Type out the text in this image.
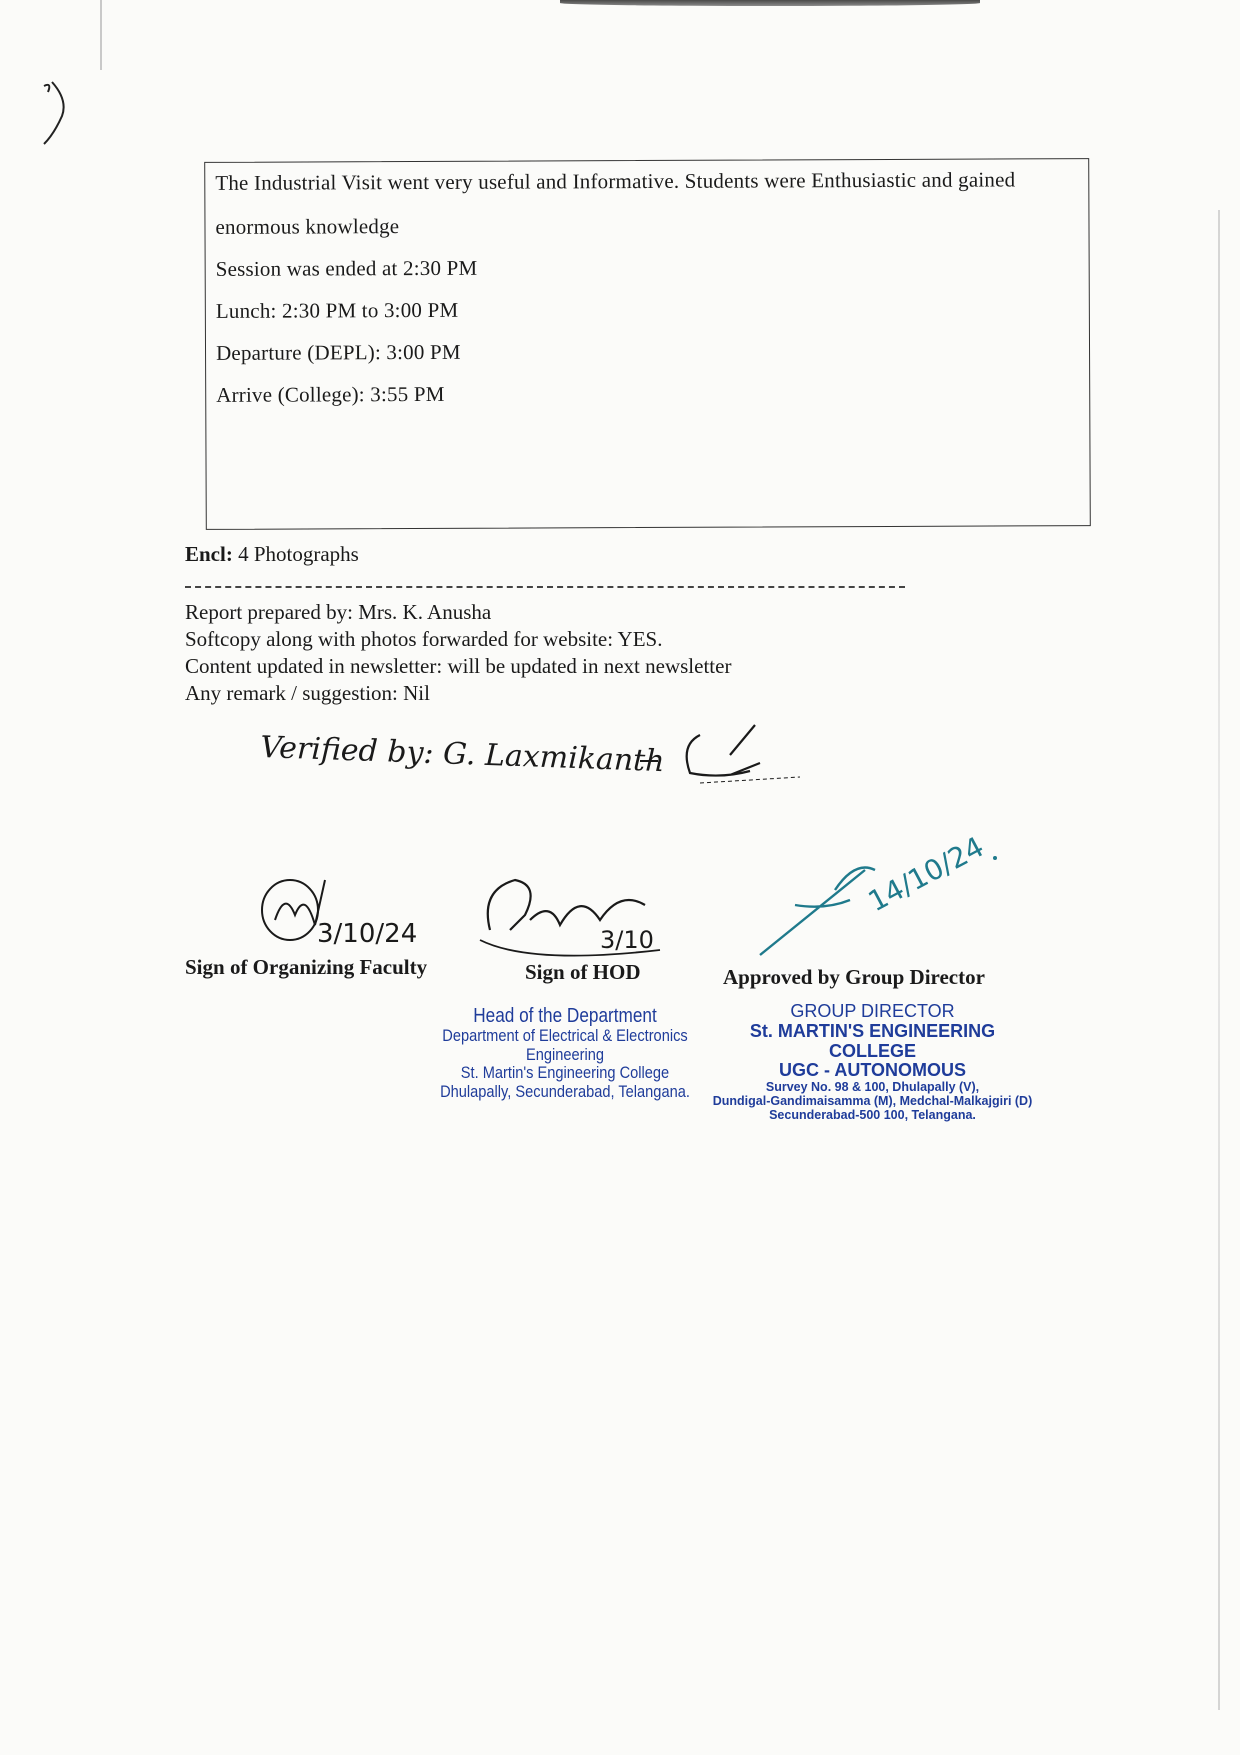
The Industrial Visit went very useful and Informative. Students were Enthusiastic and gained
enormous knowledge
Session was ended at 2:30 PM
Lunch: 2:30 PM to 3:00 PM
Departure (DEPL): 3:00 PM
Arrive (College): 3:55 PM
Encl: 4 Photographs
Report prepared by: Mrs. K. Anusha
Softcopy along with photos forwarded for website: YES.
Content updated in newsletter: will be updated in next newsletter
Any remark / suggestion: Nil
Verified by: G. Laxmikanth
3/10/24	3/10
14/10/24
Sign of Organizing Faculty	Sign of HOD	Approved by Group Director
Head of the Department
Department of Electrical & Electronics Engineering
St. Martin's Engineering College
Dhulapally, Secunderabad, Telangana.
GROUP DIRECTOR
St. MARTIN'S ENGINEERING COLLEGE
UGC - AUTONOMOUS
Survey No. 98 & 100, Dhulapally (V),
Dundigal-Gandimaisamma (M), Medchal-Malkajgiri (D)
Secunderabad-500 100, Telangana.
